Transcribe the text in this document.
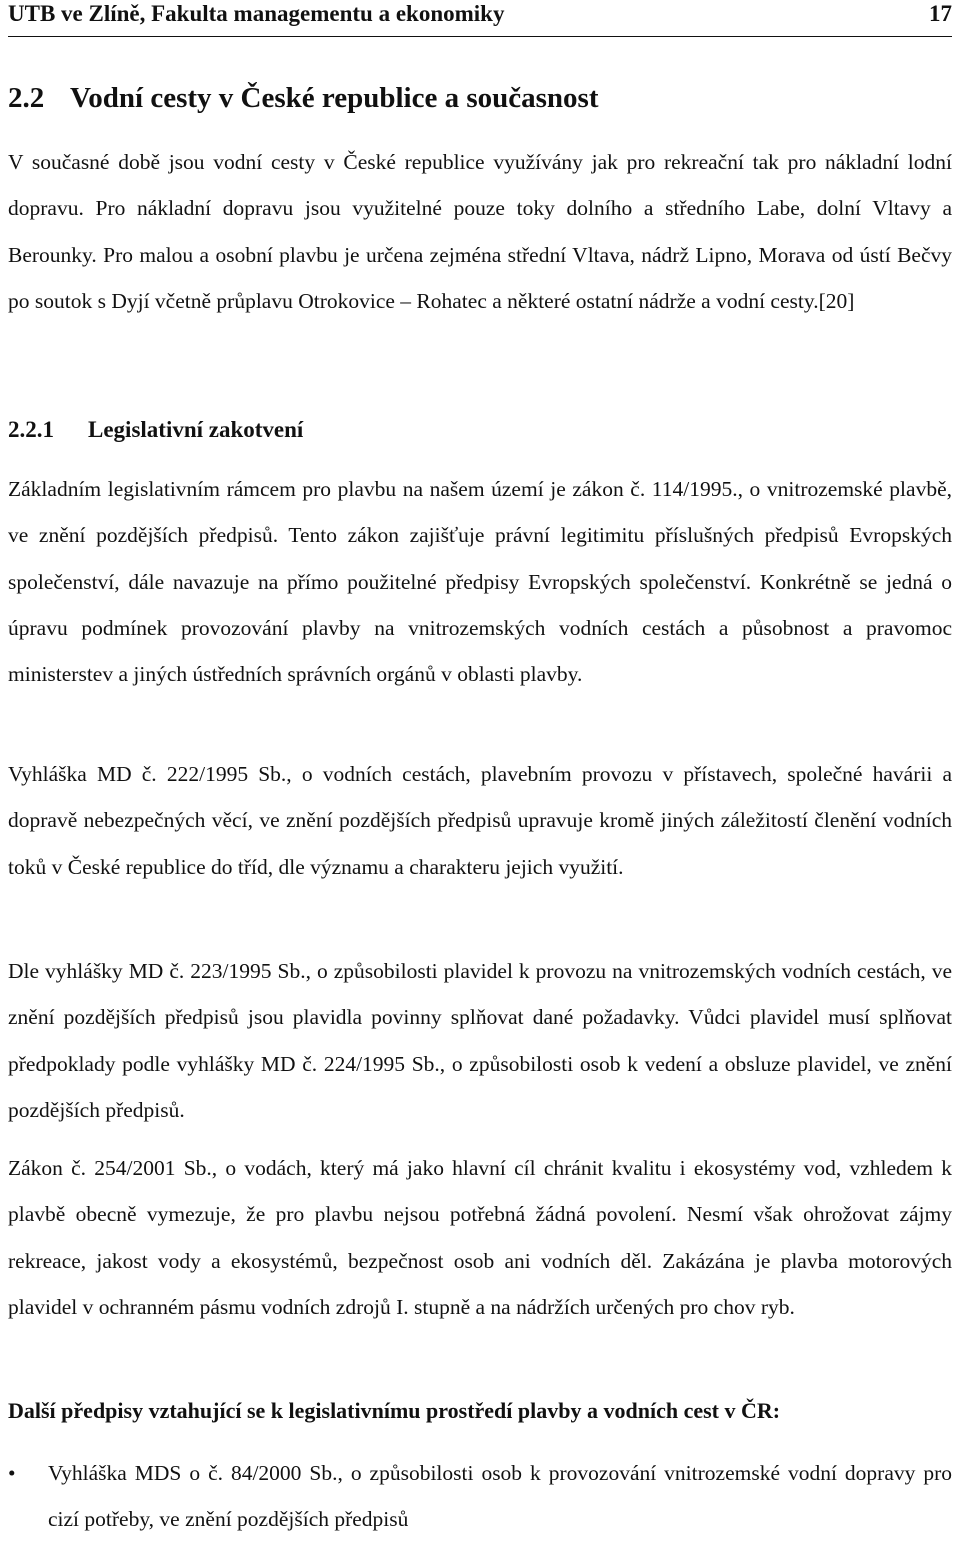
UTB ve Zlíně, Fakulta managementu a ekonomiky	17
2.2 Vodní cesty v České republice a současnost
V současné době jsou vodní cesty v České republice využívány jak pro rekreační tak pro nákladní lodní dopravu. Pro nákladní dopravu jsou využitelné pouze toky dolního a středního Labe, dolní Vltavy a Berounky. Pro malou a osobní plavbu je určena zejména střední Vltava, nádrž Lipno, Morava od ústí Bečvy po soutok s Dyjí včetně průplavu Otrokovice – Rohatec a některé ostatní nádrže a vodní cesty.[20]
2.2.1 Legislativní zakotvení
Základním legislativním rámcem pro plavbu na našem území je zákon č. 114/1995., o vnitrozemské plavbě, ve znění pozdějších předpisů. Tento zákon zajišťuje právní legitimitu příslušných předpisů Evropských společenství, dále navazuje na přímo použitelné předpisy Evropských společenství. Konkrétně se jedná o úpravu podmínek provozování plavby na vnitrozemských vodních cestách a působnost a pravomoc ministerstev a jiných ústředních správních orgánů v oblasti plavby.
Vyhláška MD č. 222/1995 Sb., o vodních cestách, plavebním provozu v přístavech, společné havárii a dopravě nebezpečných věcí, ve znění pozdějších předpisů upravuje kromě jiných záležitostí členění vodních toků v České republice do tříd, dle významu a charakteru jejich využití.
Dle vyhlášky MD č. 223/1995 Sb., o způsobilosti plavidel k provozu na vnitrozemských vodních cestách, ve znění pozdějších předpisů jsou plavidla povinny splňovat dané požadavky. Vůdci plavidel musí splňovat předpoklady podle vyhlášky MD č. 224/1995 Sb., o způsobilosti osob k vedení a obsluze plavidel, ve znění pozdějších předpisů.
Zákon č. 254/2001 Sb., o vodách, který má jako hlavní cíl chránit kvalitu i ekosystémy vod, vzhledem k plavbě obecně vymezuje, že pro plavbu nejsou potřebná žádná povolení. Nesmí však ohrožovat zájmy rekreace, jakost vody a ekosystémů, bezpečnost osob ani vodních děl. Zakázána je plavba motorových plavidel v ochranném pásmu vodních zdrojů I. stupně a na nádržích určených pro chov ryb.
Další předpisy vztahující se k legislativnímu prostředí plavby a vodních cest v ČR:
•	Vyhláška MDS o č. 84/2000 Sb., o způsobilosti osob k provozování vnitrozemské vodní dopravy pro cizí potřeby, ve znění pozdějších předpisů
